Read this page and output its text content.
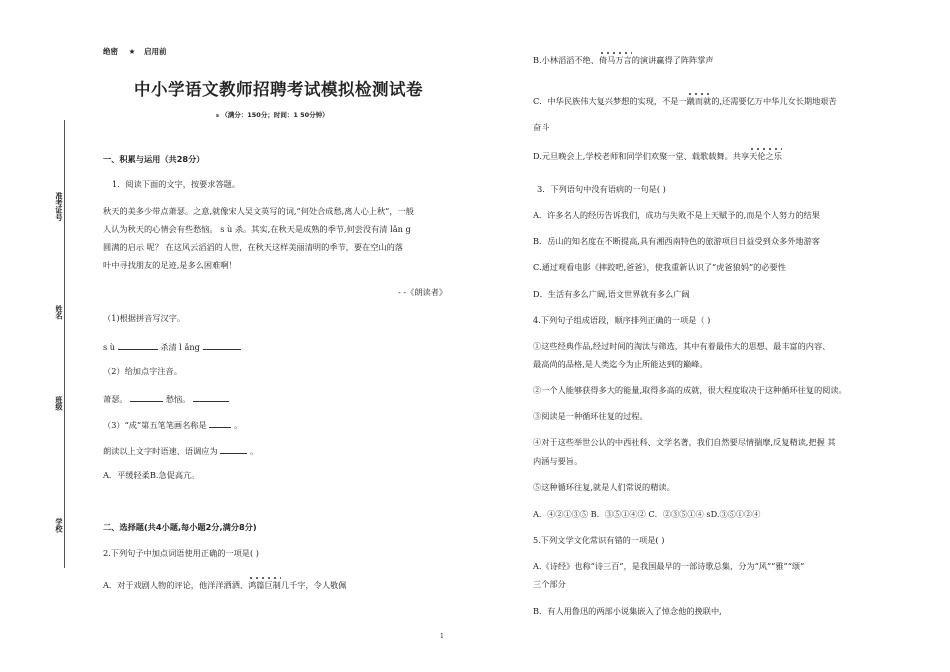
准考证号
姓名
班级
学校
绝密 ★ 启用前
中小学语文教师招聘考试模拟检测试卷
s （满分：150分；时间：1 50分钟）
一、积累与运用（共28分）
1．阅读下面的文字，按要求答题。
秋天的美多少带点萧瑟。之意,就像宋人吴文英写的词,“何处合成愁,离人心上秋”，一般
人认为秋天的心情会有些愁恼。 s ù 杀。其实,在秋天是成熟的季节,何尝没有清 lǎn g
圆满的启示 呢？ 在这风云滔滔的人世，在秋天这样美丽清明的季节，要在空山的落
叶中寻找朋友的足迹,是多么困难啊！
- -《朗读者》
（1)根据拼音写汉字。
s ù	杀清 l ǎng
（2）给加点字注音。
萧瑟。	愁恼。
（3）“成”第五笔笔画名称是	。
朗读以上文字时语速、语调应为	。
A．平缓轻柔B.急促高亢。
二、选择题(共4小题,每小题2分,满分8分)
2.下列句子中加点词语使用正确的一项是( )
A．对于戏剧人物的评论，他洋洋洒洒、鸿篇巨制几千字，令人敬佩
B.小林滔滔不绝、倚马万言的演讲赢得了阵阵掌声
C．中华民族伟大复兴梦想的实现，不是一蹴而就的,还需要亿万中华儿女长期地艰苦
奋斗
D.元旦晚会上,学校老师和同学们欢聚一堂、载歌载舞。共享天伦之乐
3．下列语句中没有语病的一句是( )
A．许多名人的经历告诉我们，成功与失败不是上天赋予的,而是个人努力的结果
B．岳山的知名度在不断提高,具有湘西南特色的旅游项目日益受到众多外地游客
C.通过观看电影《摔跤吧,爸爸》，使我重新认识了“虎爸狼妈”的必要性
D．生活有多么广阔,语文世界就有多么广阔
4.下列句子组成语段，顺序排列正确的一项是（ )
①这些经典作品,经过时间的淘汰与筛选，其中有着最伟大的思想、最丰富的内容、
最高尚的品格,是人类迄今为止所能达到的巅峰。
②一个人能够获得多大的能量,取得多高的成就，很大程度取决于这种循环往复的阅读。
③阅读是一种循环往复的过程。
④对于这些举世公认的中西社科、文学名著，我们自然要尽情揣摩,反复精读,把握 其
内涵与要旨。
⑤这种循环往复,就是人们常说的精读。
A．④②①③⑤ B．③⑤①④② C．②③⑤①④ sD.③⑤①②④
5.下列文学文化常识有错的一项是( )
A.《诗经》也称“诗三百”，是我国最早的一部诗歌总集，分为“风”“雅”“颂”
三个部分
B．有人用鲁迅的两部小说集嵌入了悼念他的挽联中,
1
